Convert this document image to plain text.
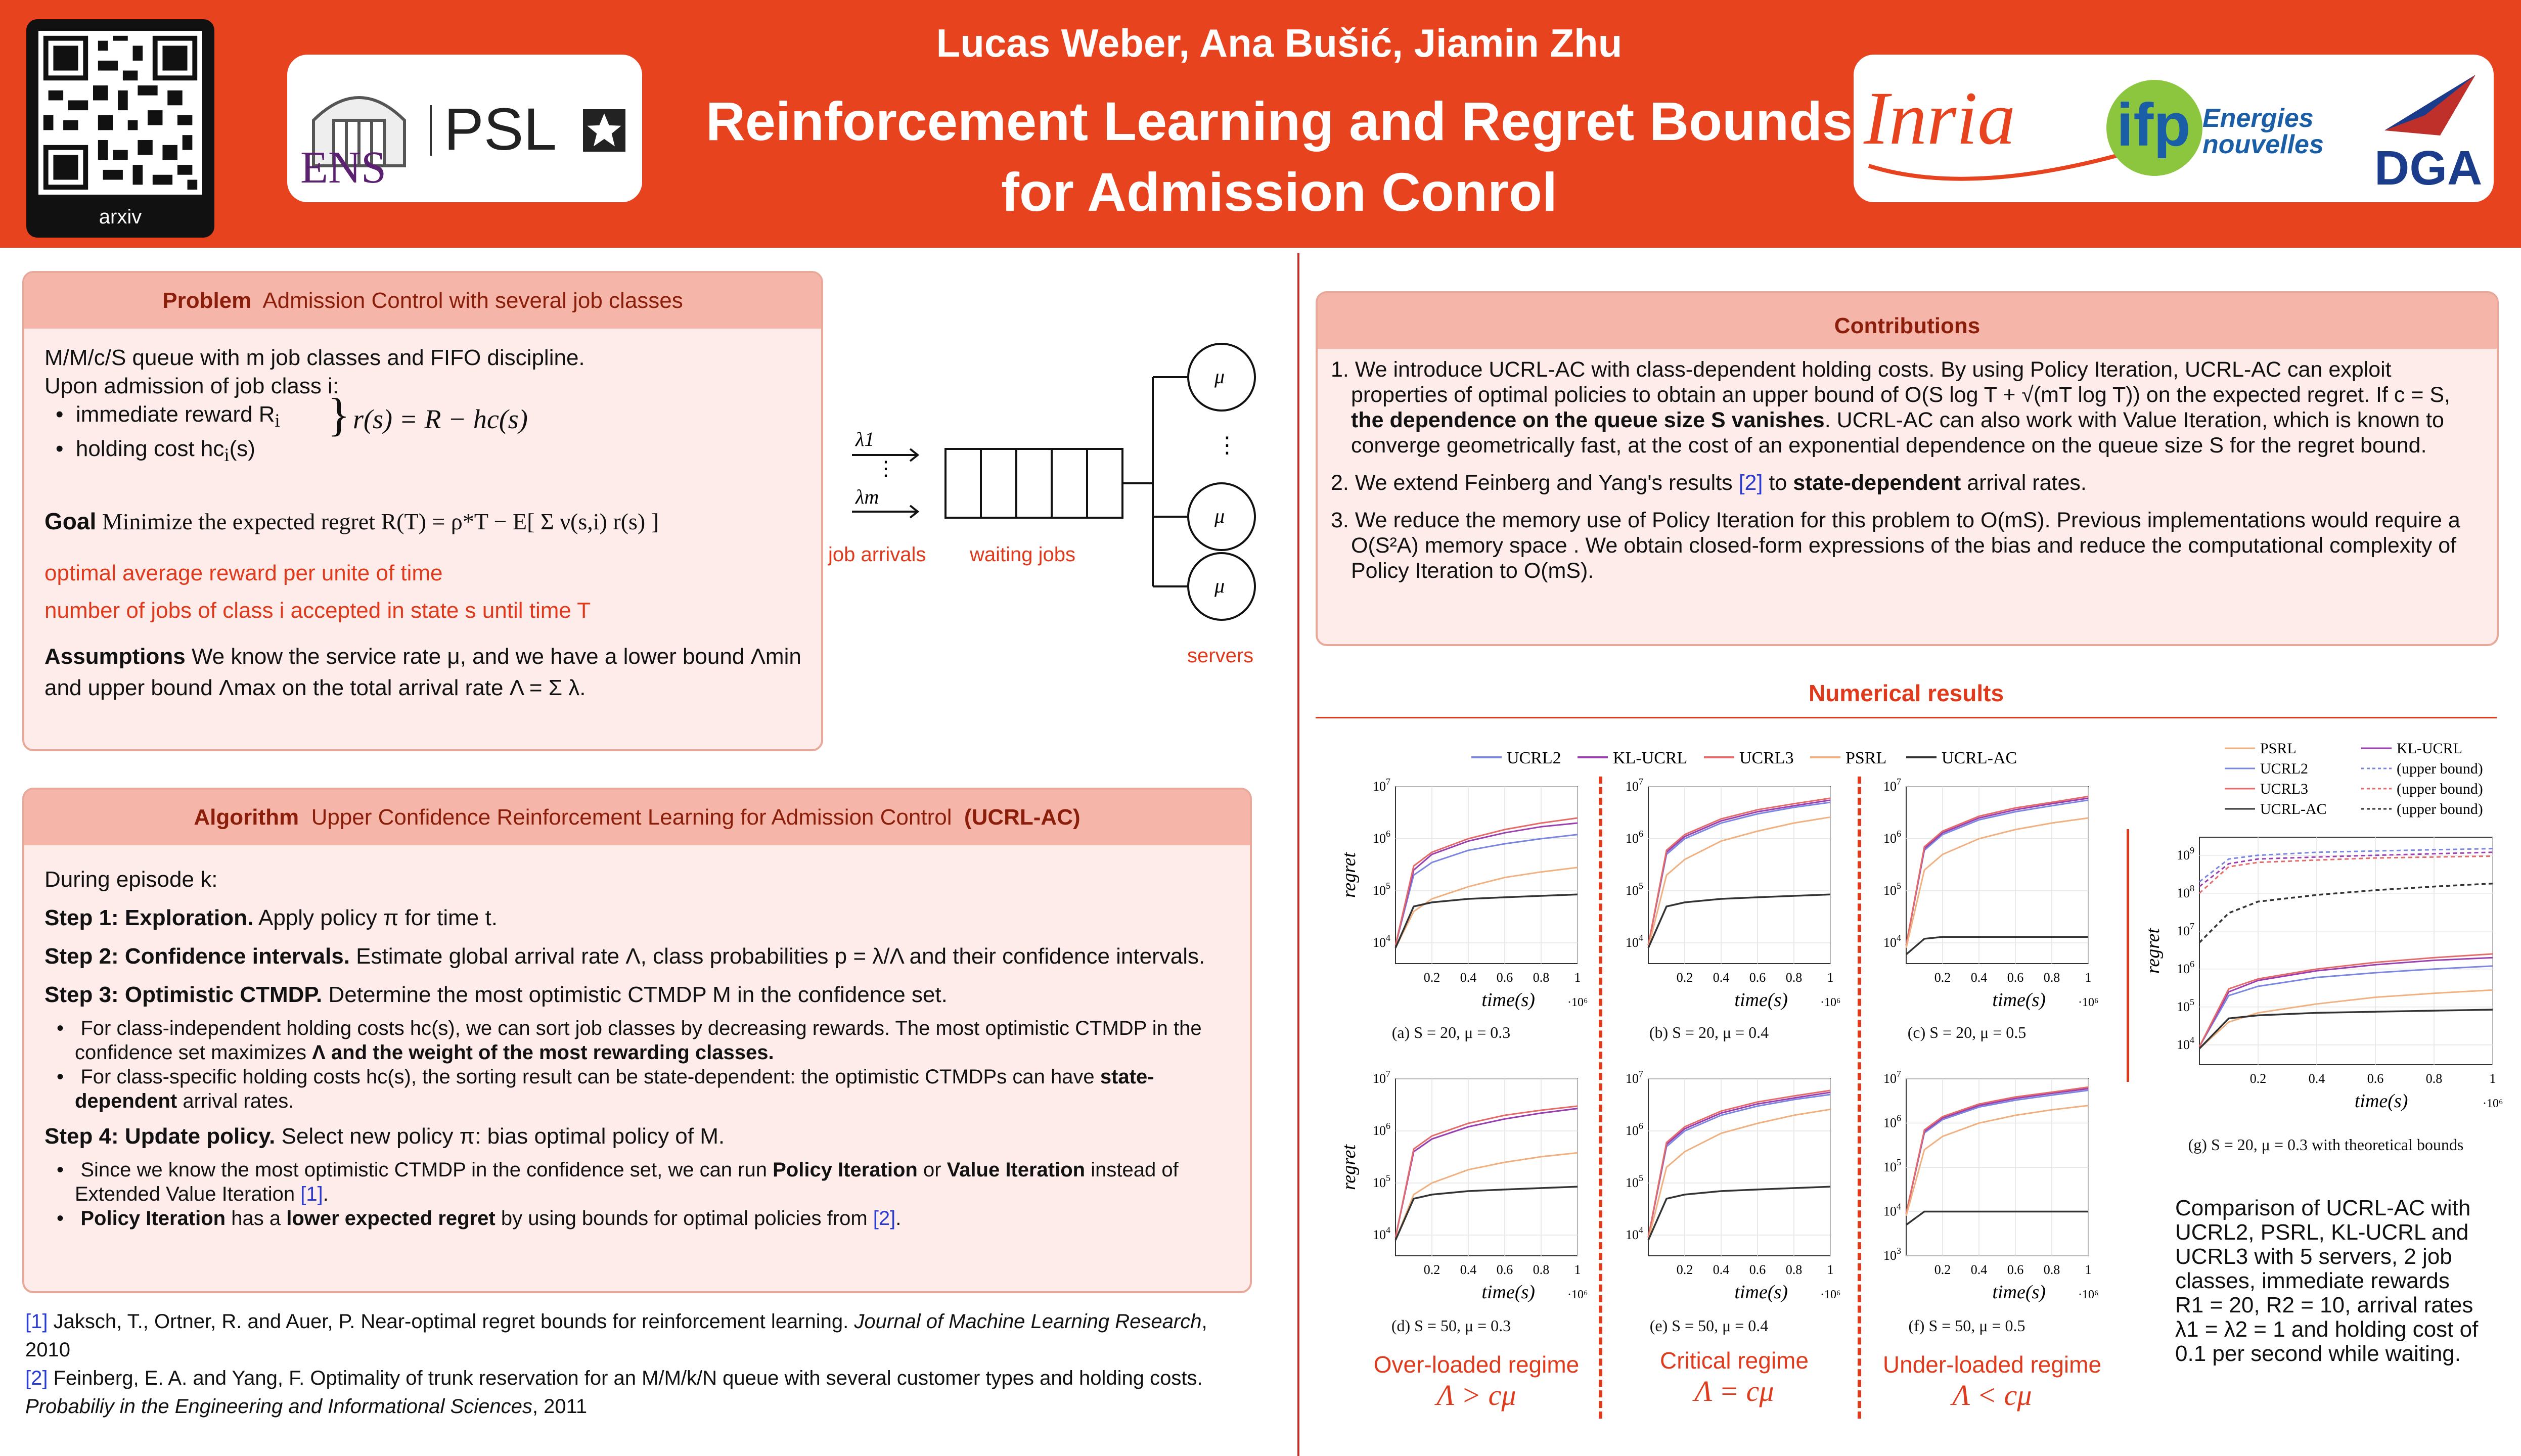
arxiv
ENS
PSL
Lucas Weber, Ana Bušić, Jiamin Zhu
Reinforcement Learning and Regret Bounds
for Admission Conrol
Inria ifp Energies nouvelles DGA
Problem Admission Control with several job classes
M/M/c/S queue with m job classes and FIFO discipline.
Upon admission of job class i:
•  immediate reward $R_i$
•  holding cost $hc_i(s)$
} r(s) = R − hc(s)
Goal Minimize the expected regret R(T) = ρ*T − E[ Σ ν(s,i) r(s) ]
optimal average reward per unite of time
number of jobs of class i accepted in state s until time T
Assumptions We know the service rate μ, and we have a lower bound Λmin and upper bound Λmax on the total arrival rate Λ = Σ λ.
λ1
λm
⋮
⋮
μ
μ
μ
job arrivals waiting jobs
servers
Algorithm Upper Confidence Reinforcement Learning for Admission Control (UCRL-AC)
During episode k:
Step 1: Exploration. Apply policy π for time t.
Step 2: Confidence intervals. Estimate global arrival rate Λ, class probabilities p = λ/Λ and their confidence intervals.
Step 3: Optimistic CTMDP. Determine the most optimistic CTMDP M in the confidence set.
•   For class-independent holding costs hc(s), we can sort job classes by decreasing rewards. The most optimistic CTMDP in the confidence set maximizes Λ and the weight of the most rewarding classes.
•   For class-specific holding costs hc(s), the sorting result can be state-dependent: the optimistic CTMDPs can have state-dependent arrival rates.
Step 4: Update policy. Select new policy π: bias optimal policy of M.
•   Since we know the most optimistic CTMDP in the confidence set, we can run Policy Iteration or Value Iteration instead of Extended Value Iteration [1].
•   Policy Iteration has a lower expected regret by using bounds for optimal policies from [2].
[1] Jaksch, T., Ortner, R. and Auer, P. Near-optimal regret bounds for reinforcement learning. Journal of Machine Learning Research, 2010
[2] Feinberg, E. A. and Yang, F. Optimality of trunk reservation for an M/M/k/N queue with several customer types and holding costs. Probabiliy in the Engineering and Informational Sciences, 2011
Contributions
1. We introduce UCRL-AC with class-dependent holding costs. By using Policy Iteration, UCRL-AC can exploit properties of optimal policies to obtain an upper bound of O(S log T + √(mT log T)) on the expected regret. If c = S, the dependence on the queue size S vanishes. UCRL-AC can also work with Value Iteration, which is known to converge geometrically fast, at the cost of an exponential dependence on the queue size S for the regret bound.
2. We extend Feinberg and Yang's results [2] to state-dependent arrival rates.
3. We reduce the memory use of Policy Iteration for this problem to O(mS). Previous implementations would require a O(S²A) memory space . We obtain closed-form expressions of the bias and reduce the computational complexity of Policy Iteration to O(mS).
Numerical results
UCRL2	KL-UCRL	UCRL3	PSRL	UCRL-AC
PSRL
UCRL2
UCRL3
UCRL-AC
KL-UCRL
(upper bound)
(upper bound)
(upper bound)
$10^4$
$10^5$
$10^6$
$10^7$
0.2 0.4 0.6 0.8 1
·10⁶
time(s)
regret
$10^4$
$10^5$
$10^6$
$10^7$
0.2 0.4 0.6 0.8 1
·10⁶
time(s)
$10^4$
$10^5$
$10^6$
$10^7$
0.2 0.4 0.6 0.8 1
·10⁶
time(s)
$10^4$
$10^5$
$10^6$
$10^7$
0.2 0.4 0.6 0.8 1
·10⁶
time(s)
regret
$10^4$
$10^5$
$10^6$
$10^7$
0.2 0.4 0.6 0.8 1
·10⁶
time(s)
$10^3$
$10^4$
$10^5$
$10^6$
$10^7$
0.2 0.4 0.6 0.8 1
·10⁶
time(s)
$10^4$
$10^5$
$10^6$
$10^7$
$10^8$
$10^9$
0.2	0.4	0.6	0.8	1
·10⁶
time(s)
regret
(a) S = 20, μ = 0.3	(b) S = 20, μ = 0.4	(c) S = 20, μ = 0.5
(d) S = 50, μ = 0.3	(e) S = 50, μ = 0.4	(f) S = 50, μ = 0.5
(g) S = 20, μ = 0.3 with theoretical bounds
Over-loaded regime
Λ > cμ
Critical regime
Λ = cμ
Under-loaded regime
Λ < cμ
Comparison of UCRL-AC with UCRL2, PSRL, KL-UCRL and UCRL3 with 5 servers, 2 job classes, immediate rewards R1 = 20, R2 = 10, arrival rates λ1 = λ2 = 1 and holding cost of 0.1 per second while waiting.
